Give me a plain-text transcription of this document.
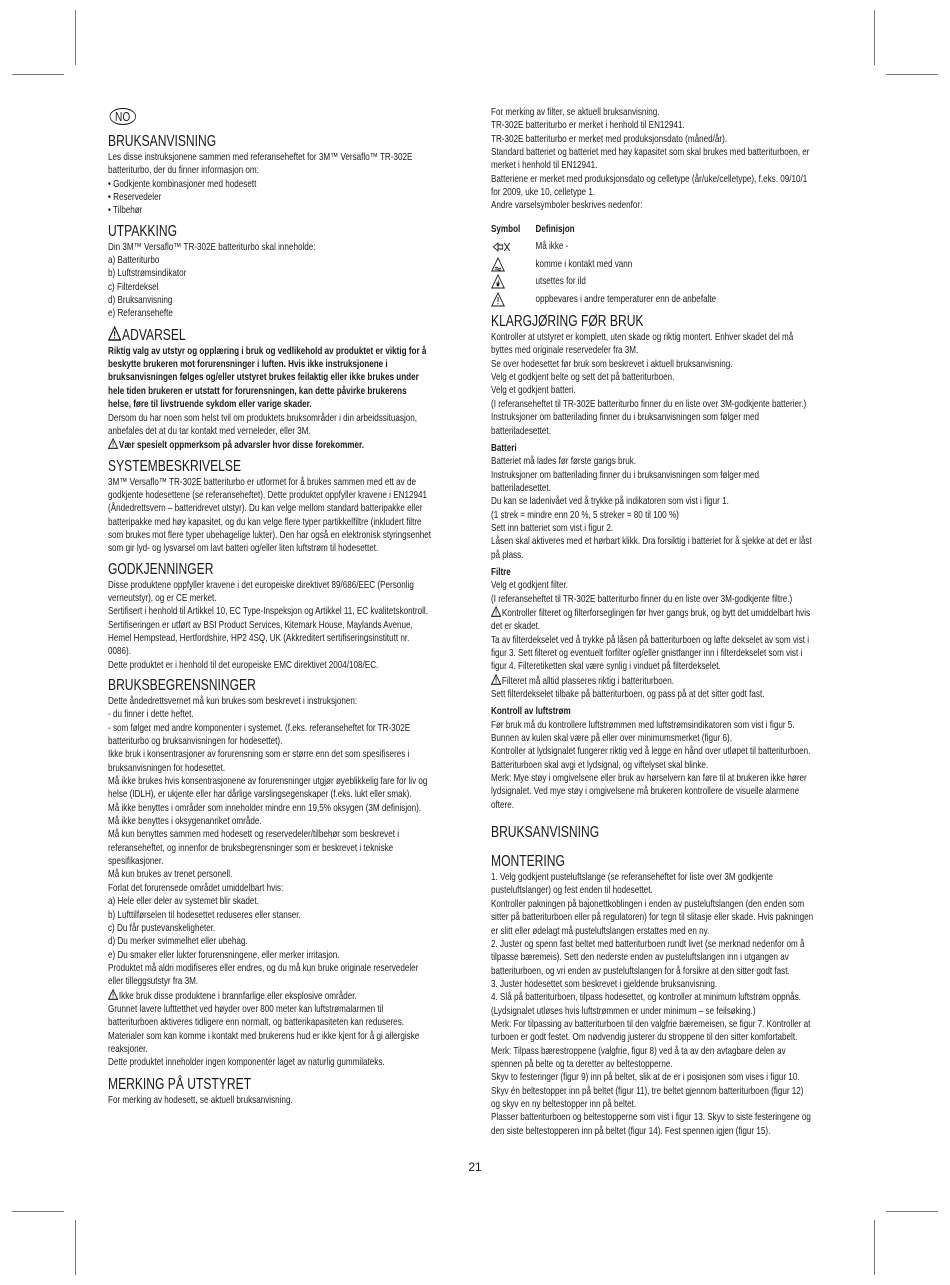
NO
BRUKSANVISNING

Les disse instruksjonene sammen med referanseheftet for 3M™ Versaflo™ TR-302E

batteriturbo, der du finner informasjon om:

• Godkjente kombinasjoner med hodesett

• Reservedeler

• Tilbehør

UTPAKKING

Din 3M™ Versaflo™ TR-302E batteriturbo skal inneholde:

a) Batteriturbo

b) Luftstrømsindikator

c) Filterdeksel

d) Bruksanvisning

e) Referansehefte

ADVARSEL

Riktig valg av utstyr og opplæring i bruk og vedlikehold av produktet er viktig for å

beskytte brukeren mot forurensninger i luften. Hvis ikke instruksjonene i

bruksanvisningen følges og/eller utstyret brukes feilaktig eller ikke brukes under

hele tiden brukeren er utstatt for forurensningen, kan dette påvirke brukerens

helse, føre til livstruende sykdom eller varige skader.

Dersom du har noen som helst tvil om produktets bruksområder i din arbeidssituasjon,

anbefales det at du tar kontakt med verneleder, eller 3M.

Vær spesielt oppmerksom på advarsler hvor disse forekommer.

SYSTEMBESKRIVELSE

3M™ Versaflo™ TR-302E batteriturbo er utformet for å brukes sammen med ett av de

godkjente hodesettene (se referanseheftet). Dette produktet oppfyller kravene i EN12941

(Åndedrettsvern – batteridrevet utstyr). Du kan velge mellom standard batteripakke eller

batteripakke med høy kapasitet, og du kan velge flere typer partikkelfiltre (inkludert filtre

som brukes mot flere typer ubehagelige lukter). Den har også en elektronisk styringsenhet

som gir lyd- og lysvarsel om lavt batteri og/eller liten luftstrøm til hodesettet.

GODKJENNINGER

Disse produktene oppfyller kravene i det europeiske direktivet 89/686/EEC (Personlig

verneutstyr), og er CE merket.

Sertifisert i henhold til Artikkel 10, EC Type-Inspeksjon og Artikkel 11, EC kvalitetskontroll.

Sertifiseringen er utført av BSI Product Services, Kitemark House, Maylands Avenue,

Hemel Hempstead, Hertfordshire, HP2 4SQ, UK (Akkreditert sertifiseringsinstitutt nr.

0086).

Dette produktet er i henhold til det europeiske EMC direktivet 2004/108/EC.

BRUKSBEGRENSNINGER

Dette åndedrettsvernet må kun brukes som beskrevet i instruksjonen:

- du finner i dette heftet.

- som følger med andre komponenter i systemet. (f.eks. referanseheftet for TR-302E

batteriturbo og bruksanvisningen for hodesettet).

Ikke bruk i konsentrasjoner av forurensning som er større enn det som spesifiseres i

bruksanvisningen for hodesettet.

Må ikke brukes hvis konsentrasjonene av forurensninger utgjør øyeblikkelig fare for liv og

helse (IDLH), er ukjente eller har dårlige varslingsegenskaper (f.eks. lukt eller smak).

Må ikke benyttes i områder som inneholder mindre enn 19,5% oksygen (3M definisjon).

Må ikke benyttes i oksygenanriket område.

Må kun benyttes sammen med hodesett og reservedeler/tilbehør som beskrevet i

referanseheftet, og innenfor de bruksbegrensninger som er beskrevet i tekniske

spesifikasjoner.

Må kun brukes av trenet personell.

Forlat det forurensede området umiddelbart hvis:

a) Hele eller deler av systemet blir skadet.

b) Lufttilførselen til hodesettet reduseres eller stanser.

c) Du får pustevanskeligheter.

d) Du merker svimmelhet eller ubehag.

e) Du smaker eller lukter forurensningene, eller merker irritasjon.

Produktet må aldri modifiseres eller endres, og du må kun bruke originale reservedeler

eller tilleggsutstyr fra 3M.

Ikke bruk disse produktene i brannfarlige eller eksplosive områder.

Grunnet lavere lufttetthet ved høyder over 800 meter kan luftstrømalarmen til

batteriturboen aktiveres tidligere enn normalt, og batterikapasiteten kan reduseres.

Materialer som kan komme i kontakt med brukerens hud er ikke kjent for å gi allergiske

reaksjoner.

Dette produktet inneholder ingen komponenter laget av naturlig gummilateks.

MERKING PÅ UTSTYRET

For merking av hodesett, se aktuell bruksanvisning.

For merking av filter, se aktuell bruksanvisning.

TR-302E batteriturbo er merket i henhold til EN12941.

TR-302E batteriturbo er merket med produksjonsdato (måned/år).

Standard batteriet og batteriet med høy kapasitet som skal brukes med batteriturboen, er

merket i henhold til EN12941.

Batteriene er merket med produksjonsdato og celletype (år/uke/celletype), f.eks. 09/10/1

for 2009, uke 10, celletype 1.

Andre varselsymboler beskrives nedenfor:

Symbol	Definisjon
Må ikke -
komme i kontakt med vann
utsettes for ild
oppbevares i andre temperaturer enn de anbefalte
KLARGJØRING FØR BRUK

Kontroller at utstyret er komplett, uten skade og riktig montert. Enhver skadet del må

byttes med originale reservedeler fra 3M.

Se over hodesettet før bruk som beskrevet i aktuell bruksanvisning.

Velg et godkjent belte og sett det på batteriturboen.

Velg et godkjent batteri.

(I referanseheftet til TR-302E batteriturbo finner du en liste over 3M-godkjente batterier.)

Instruksjoner om batterilading finner du i bruksanvisningen som følger med

batteriladesettet.

Batteri

Batteriet må lades før første gangs bruk.

Instruksjoner om batterilading finner du i bruksanvisningen som følger med

batteriladesettet.

Du kan se ladenivået ved å trykke på indikatoren som vist i figur 1.

(1 strek = mindre enn 20 %, 5 streker = 80 til 100 %)

Sett inn batteriet som vist i figur 2.

Låsen skal aktiveres med et hørbart klikk. Dra forsiktig i batteriet for å sjekke at det er låst

på plass.

Filtre

Velg et godkjent filter.

(I referanseheftet til TR-302E batteriturbo finner du en liste over 3M-godkjente filtre.)

Kontroller filteret og filterforseglingen før hver gangs bruk, og bytt det umiddelbart hvis

det er skadet.

Ta av filterdekselet ved å trykke på låsen på batteriturboen og løfte dekselet av som vist i

figur 3. Sett filteret og eventuelt forfilter og/eller gnistfanger inn i filterdekselet som vist i

figur 4. Filteretiketten skal være synlig i vinduet på filterdekselet.

Filteret må alltid plasseres riktig i batteriturboen.

Sett filterdekselet tilbake på batteriturboen, og pass på at det sitter godt fast.

Kontroll av luftstrøm

Før bruk må du kontrollere luftstrømmen med luftstrømsindikatoren som vist i figur 5.

Bunnen av kulen skal være på eller over minimumsmerket (figur 6).

Kontroller at lydsignalet fungerer riktig ved å legge en hånd over utløpet til batteriturboen.

Batteriturboen skal avgi et lydsignal, og viftelyset skal blinke.

Merk: Mye støy i omgivelsene eller bruk av hørselvern kan føre til at brukeren ikke hører

lydsignalet. Ved mye støy i omgivelsene må brukeren kontrollere de visuelle alarmene

oftere.

BRUKSANVISNING
MONTERING

1. Velg godkjent pusteluftslange (se referanseheftet for liste over 3M godkjente

pusteluftslanger) og fest enden til hodesettet.

Kontroller pakningen på bajonettkoblingen i enden av pusteluftslangen (den enden som

sitter på batteriturboen eller på regulatoren) for tegn til slitasje eller skade. Hvis pakningen

er slitt eller ødelagt må pusteluftslangen erstattes med en ny.

2. Juster og spenn fast beltet med batteriturboen rundt livet (se merknad nedenfor om å

tilpasse bæremeis). Sett den nederste enden av pusteluftslangen inn i utgangen av

batteriturboen, og vri enden av pusteluftslangen for å forsikre at den sitter godt fast.

3. Juster hodesettet som beskrevet i gjeldende bruksanvisning.

4. Slå på batteriturboen, tilpass hodesettet, og kontroller at minimum luftstrøm oppnås.

(Lydsignalet utløses hvis luftstrømmen er under minimum – se feilsøking.)

Merk: For tilpassing av batteriturboen til den valgfrie bæremeisen, se figur 7. Kontroller at

turboen er godt festet. Om nødvendig justerer du stroppene til den sitter komfortabelt.

Merk: Tilpass bærestroppene (valgfrie, figur 8) ved å ta av den avtagbare delen av

spennen på belte og ta deretter av beltestopperne.

Skyv to festeringer (figur 9) inn på beltet, slik at de er i posisjonen som vises i figur 10.

Skyv én beltestopper inn på beltet (figur 11), tre beltet gjennom batteriturboen (figur 12)

og skyv en ny beltestopper inn på beltet.

Plasser batteriturboen og beltestopperne som vist i figur 13. Skyv to siste festeringene og

den siste beltestopperen inn på beltet (figur 14). Fest spennen igjen (figur 15).

21
